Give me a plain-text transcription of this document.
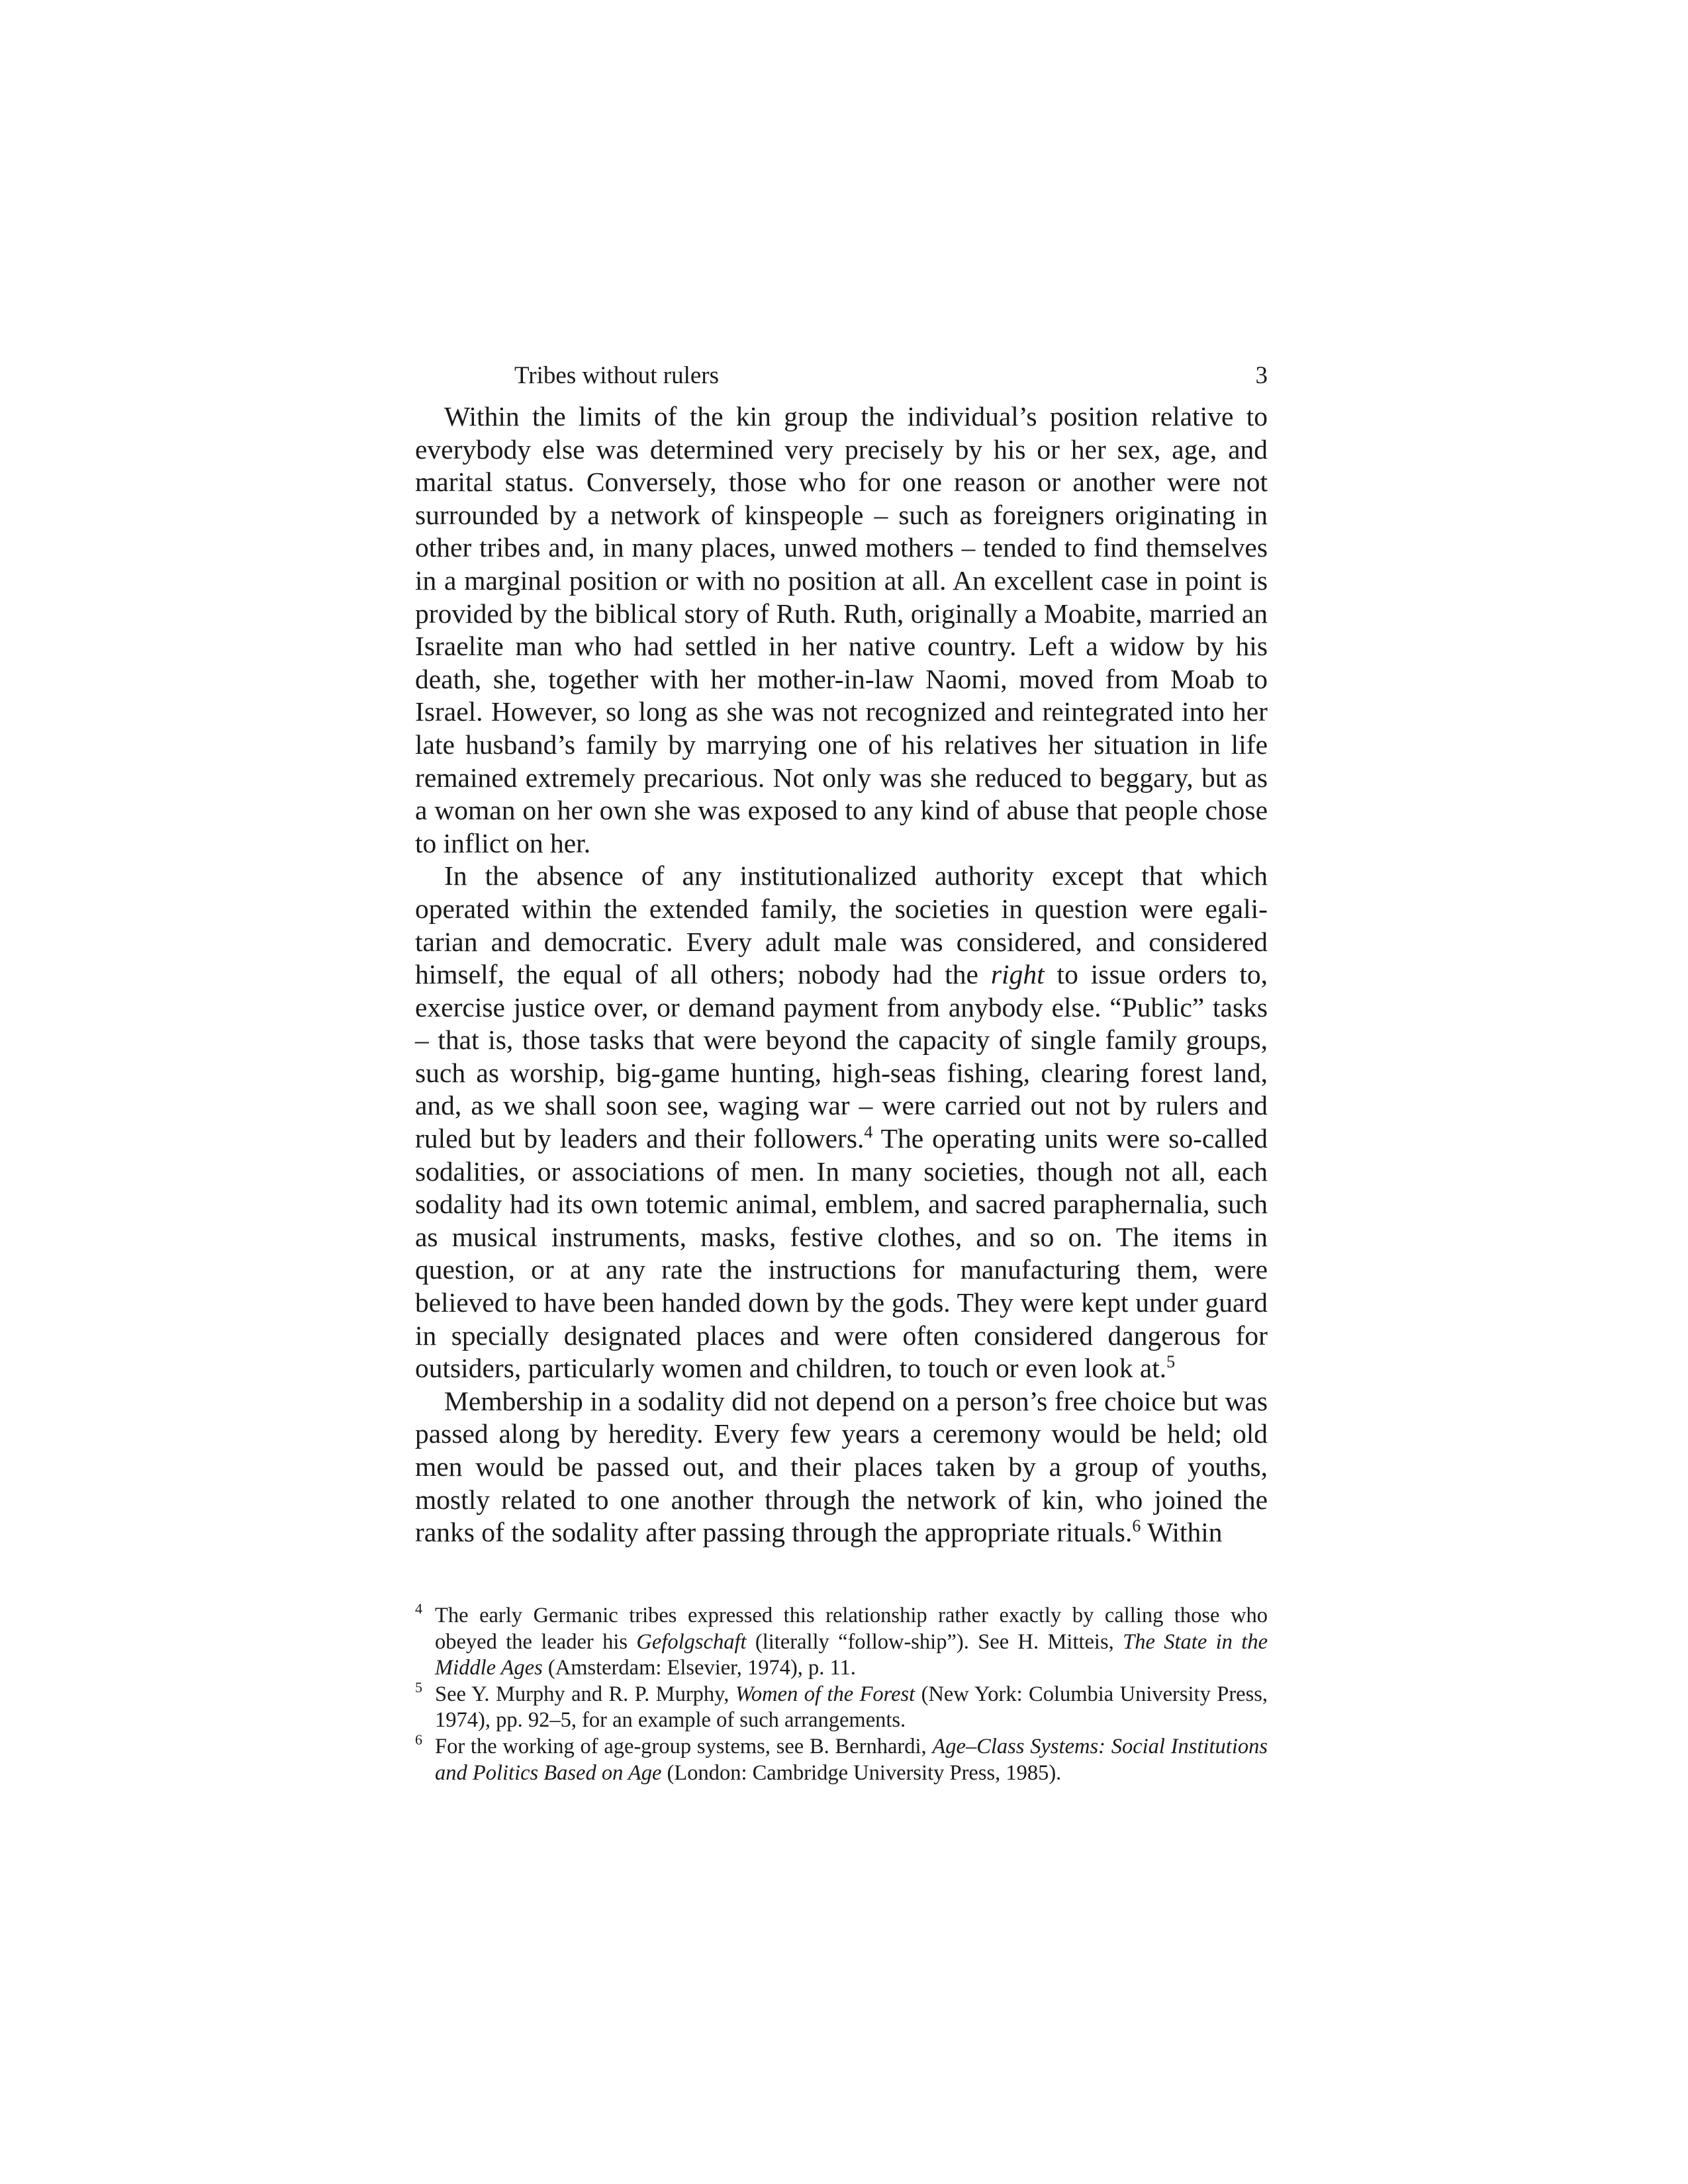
Tribes without rulers	3

Within the limits of the kin group the individual’s position relative to everybody else was determined very precisely by his or her sex, age, and marital status. Conversely, those who for one reason or another were not surrounded by a network of kinspeople – such as foreigners originating in other tribes and, in many places, unwed mothers – tended to find themselves in a marginal position or with no position at all. An excellent case in point is provided by the biblical story of Ruth. Ruth, originally a Moabite, married an Israelite man who had settled in her native country. Left a widow by his death, she, together with her mother-in-law Naomi, moved from Moab to Israel. However, so long as she was not recognized and reintegrated into her late husband’s family by marrying one of his relatives her situation in life remained extremely precarious. Not only was she reduced to beggary, but as a woman on her own she was exposed to any kind of abuse that people chose to inflict on her.

In the absence of any institutionalized authority except that which operated within the extended family, the societies in question were egalitarian and democratic. Every adult male was considered, and considered himself, the equal of all others; nobody had the right to issue orders to, exercise justice over, or demand payment from anybody else. “Public” tasks – that is, those tasks that were beyond the capacity of single family groups, such as worship, big-game hunting, high-seas fishing, clearing forest land, and, as we shall soon see, waging war – were carried out not by rulers and ruled but by leaders and their followers.$^4$ The operating units were so-called sodalities, or associations of men. In many societies, though not all, each sodality had its own totemic animal, emblem, and sacred paraphernalia, such as musical instruments, masks, festive clothes, and so on. The items in question, or at any rate the instructions for manufacturing them, were believed to have been handed down by the gods. They were kept under guard in specially designated places and were often considered dangerous for outsiders, particularly women and children, to touch or even look at.$^5$

Membership in a sodality did not depend on a person’s free choice but was passed along by heredity. Every few years a ceremony would be held; old men would be passed out, and their places taken by a group of youths, mostly related to one another through the network of kin, who joined the ranks of the sodality after passing through the appropriate rituals.$^6$ Within

4 The early Germanic tribes expressed this relationship rather exactly by calling those who obeyed the leader his Gefolgschaft (literally “follow-ship”). See H. Mitteis, The State in the Middle Ages (Amsterdam: Elsevier, 1974), p. 11.

5 See Y. Murphy and R. P. Murphy, Women of the Forest (New York: Columbia University Press, 1974), pp. 92–5, for an example of such arrangements.

6 For the working of age-group systems, see B. Bernhardi, Age–Class Systems: Social Institutions and Politics Based on Age (London: Cambridge University Press, 1985).
